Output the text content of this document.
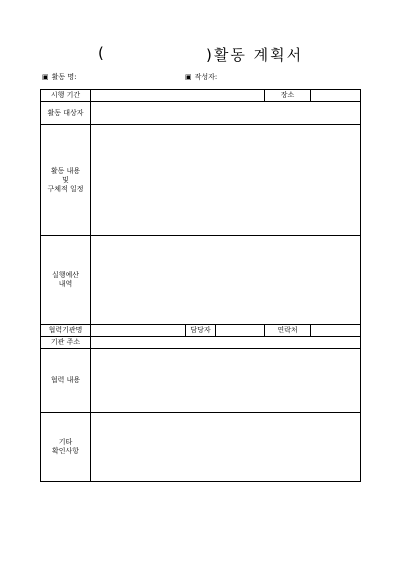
(	)활동 계획서
▣ 활동 명:	▣ 작성자:
시행 기간				장소	
활동 대상자					

활동 내용
및
구체적 일정					

실행예산
내역					

협력기관명		담당자		연락처	
기관 주소					
협력 내용					

기타
확인사항					
